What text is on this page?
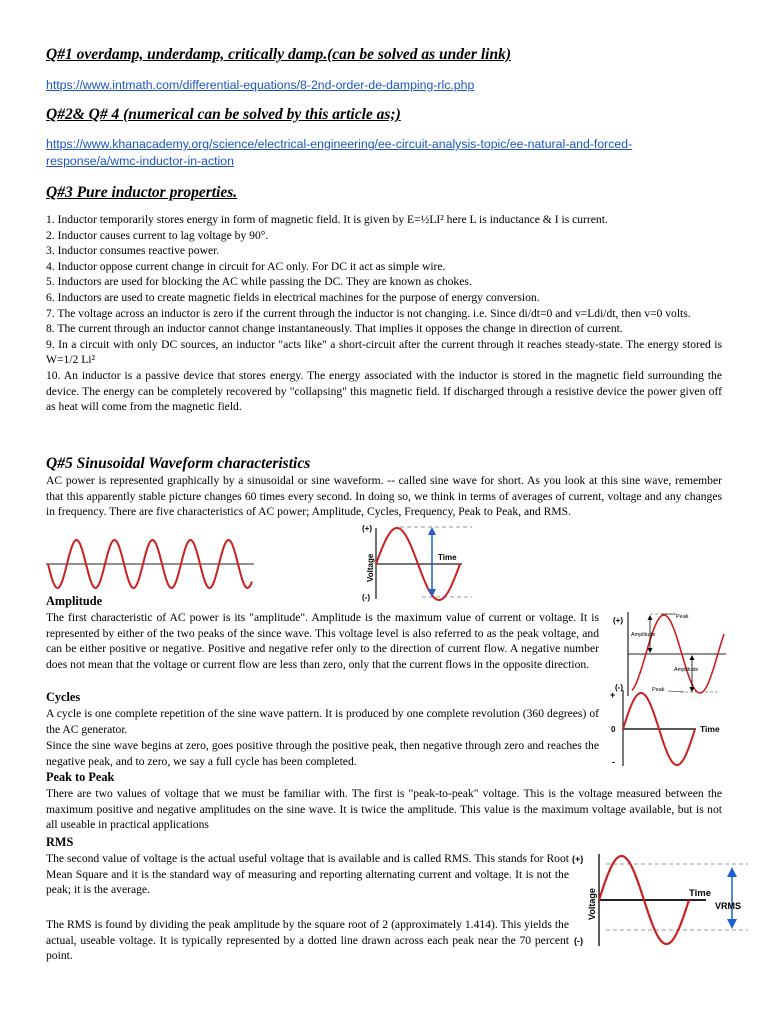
Q#1 overdamp, underdamp, critically damp.(can be solved as under link)
https://www.intmath.com/differential-equations/8-2nd-order-de-damping-rlc.php
Q#2& Q# 4 (numerical can be solved by this article as;)
https://www.khanacademy.org/science/electrical-engineering/ee-circuit-analysis-topic/ee-natural-and-forced-
response/a/wmc-inductor-in-action
Q#3 Pure inductor properties.
1. Inductor temporarily stores energy in form of magnetic field. It is given by E=½LI² here L is inductance & I is current.
2. Inductor causes current to lag voltage by 90°.
3. Inductor consumes reactive power.
4. Inductor oppose current change in circuit for AC only. For DC it act as simple wire.
5. Inductors are used for blocking the AC while passing the DC. They are known as chokes.
6. Inductors are used to create magnetic fields in electrical machines for the purpose of energy conversion.
7. The voltage across an inductor is zero if the current through the inductor is not changing. i.e. Since di/dt=0 and v=Ldi/dt, then v=0 volts.
8. The current through an inductor cannot change instantaneously. That implies it opposes the change in direction of current.
9. In a circuit with only DC sources, an inductor "acts like" a short-circuit after the current through it reaches steady-state. The energy stored is W=1/2 Li²
10. An inductor is a passive device that stores energy. The energy associated with the inductor is stored in the magnetic field surrounding the device. The energy can be completely recovered by "collapsing" this magnetic field. If discharged through a resistive device the power given off as heat will come from the magnetic field.
Q#5 Sinusoidal Waveform characteristics
AC power is represented graphically by a sinusoidal or sine waveform. -- called sine wave for short. As you look at this sine wave, remember that this apparently stable picture changes 60 times every second. In doing so, we think in terms of averages of current, voltage and any changes in frequency. There are five characteristics of AC power; Amplitude, Cycles, Frequency, Peak to Peak, and RMS.
(+)
(-)
Voltage	Time
Amplitude
The first characteristic of AC power is its "amplitude". Amplitude is the maximum value of current or voltage. It is represented by either of the two peaks of the since wave. This voltage level is also referred to as the peak voltage, and can be either positive or negative. Positive and negative refer only to the direction of current flow. A negative number does not mean that the voltage or current flow are less than zero, only that the current flows in the opposite direction.
(+)
(-)
Peak
Amplitude
Amplitude
Peak
Cycles
A cycle is one complete repetition of the sine wave pattern. It is produced by one complete revolution (360 degrees) of the AC generator.
Since the sine wave begins at zero, goes positive through the positive peak, then negative through zero and reaches the negative peak, and to zero, we say a full cycle has been completed.
+
0
-
Time
Peak to Peak
There are two values of voltage that we must be familiar with. The first is "peak-to-peak" voltage. This is the voltage measured between the maximum positive and negative amplitudes on the sine wave. It is twice the amplitude. This value is the maximum voltage available, but is not all useable in practical applications
RMS
The second value of voltage is the actual useful voltage that is available and is called RMS. This stands for Root Mean Square and it is the standard way of measuring and reporting alternating current and voltage. It is not the peak; it is the average.
The RMS is found by dividing the peak amplitude by the square root of 2 (approximately 1.414). This yields the actual, useable voltage. It is typically represented by a dotted line drawn across each peak near the 70 percent point.
(+)
(-)
Voltage	Time
VRMS
